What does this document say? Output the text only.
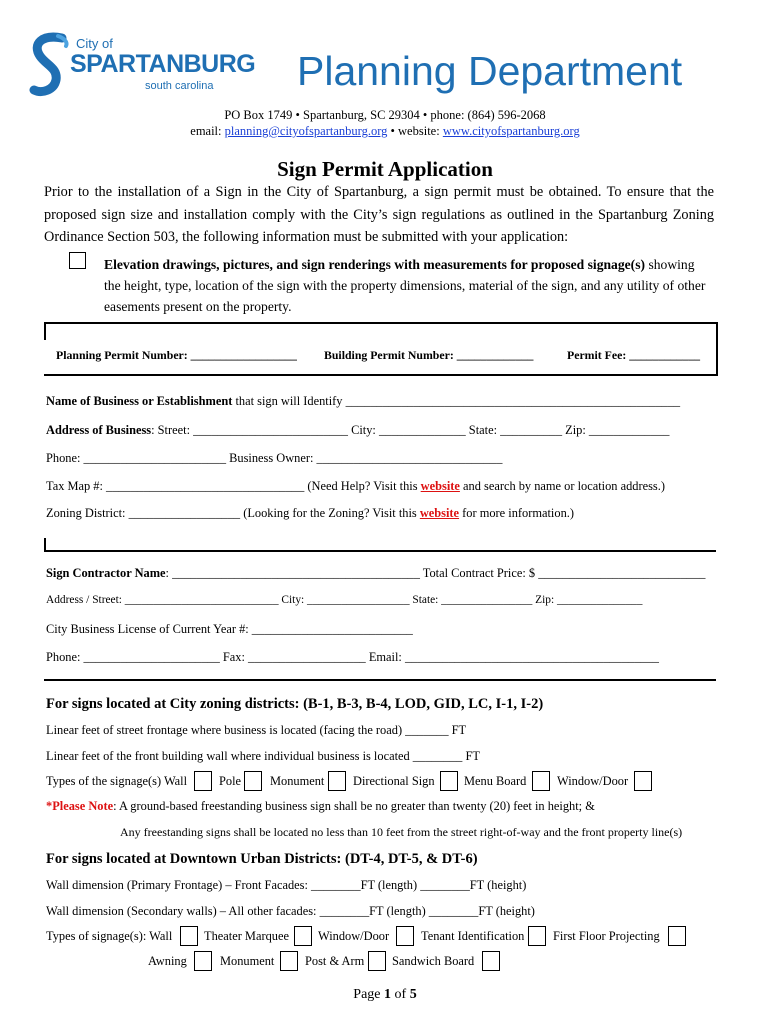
City of
SPARTANBURG
south carolina Planning Department
PO Box 1749 • Spartanburg, SC 29304 • phone: (864) 596-2068
email: planning@cityofspartanburg.org • website: www.cityofspartanburg.org
Sign Permit Application
Prior to the installation of a Sign in the City of Spartanburg, a sign permit must be obtained. To ensure that the proposed sign size and installation comply with the City’s sign regulations as outlined in the Spartanburg Zoning Ordinance Section 503, the following information must be submitted with your application:
Elevation drawings, pictures, and sign renderings with measurements for proposed signage(s) showing the height, type, location of the sign with the property dimensions, material of the sign, and any utility of other easements present on the property.
Planning Permit Number: __________________ Building Permit Number: _____________	Permit Fee: ____________
Name of Business or Establishment that sign will Identify ______________________________________________________
Address of Business: Street: _________________________ City: ______________ State: __________ Zip: _____________
Phone: _______________________ Business Owner: ______________________________
Tax Map #: ________________________________ (Need Help? Visit this website and search by name or location address.)
Zoning District: __________________ (Looking for the Zoning? Visit this website for more information.)
Sign Contractor Name: ________________________________________ Total Contract Price: $ ___________________________
Address / Street: ___________________________ City: __________________ State: ________________ Zip: _______________
City Business License of Current Year #: __________________________
Phone: ______________________ Fax: ___________________ Email: _________________________________________
For signs located at City zoning districts: (B-1, B-3, B-4, LOD, GID, LC, I-1, I-2)
Linear feet of street frontage where business is located (facing the road) _______ FT
Linear feet of the front building wall where individual business is located ________ FT
Types of the signage(s) Wall	Pole Monument Directional Sign Menu Board Window/Door
*Please Note: A ground-based freestanding business sign shall be no greater than twenty (20) feet in height; &
Any freestanding signs shall be located no less than 10 feet from the street right-of-way and the front property line(s)
For signs located at Downtown Urban Districts: (DT-4, DT-5, & DT-6)
Wall dimension (Primary Frontage) – Front Facades: ________FT (length) ________FT (height)
Wall dimension (Secondary walls) – All other facades: ________FT (length) ________FT (height)
Types of signage(s): Wall	Theater Marquee Window/Door	Tenant Identification First Floor Projecting
Awning	Monument Post & Arm Sandwich Board
Page 1 of 5
